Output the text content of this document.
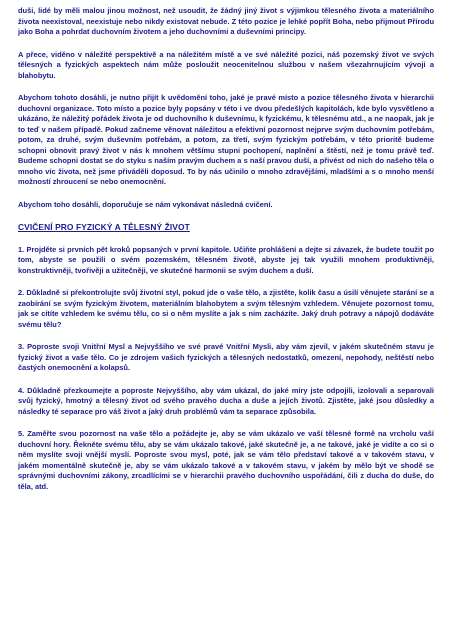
duši, lidé by měli malou jinou možnost, než usoudit, že žádný jiný život s výjimkou tělesného života a materiálního života neexistoval, neexistuje nebo nikdy existovat nebude. Z této pozice je lehké popřít Boha, nebo přijmout Přírodu jako Boha a pohrdat duchovním životem a jeho duchovními a duševními principy.

A přece, viděno v náležité perspektivě a na náležitém místě a ve své náležité pozici, náš pozemský život ve svých tělesných a fyzických aspektech nám může posloužit neocenitelnou službou v našem všezahrnujícím vývoji a blahobytu.

Abychom tohoto dosáhli, je nutno přijít k uvědomění toho, jaké je pravé místo a pozice tělesného života v hierarchii duchovní organizace. Toto místo a pozice byly popsány v této i ve dvou předešlých kapitolách, kde bylo vysvětleno a ukázáno, že náležitý pořádek života je od duchovního k duševnímu, k fyzickému, k tělesnému atd., a ne naopak, jak je to teď v našem případě. Pokud začneme věnovat náležitou a efektivní pozornost nejprve svým duchovním potřebám, potom, za druhé, svým duševním potřebám, a potom, za třetí, svým fyzickým potřebám, v této prioritě budeme schopni obnovit pravý život v nás k mnohem většímu stupni pochopení, naplnění a štěstí, než je tomu právě teď. Budeme schopni dostat se do styku s naším pravým duchem a s naší pravou duší, a přivést od nich do našeho těla o mnoho víc života, než jsme přiváděli doposud. To by nás učinilo o mnoho zdravějšími, mladšími a s o mnoho menší možností zhroucení se nebo onemocnění.

Abychom toho dosáhli, doporučuje se nám vykonávat následná cvičení.

CVIČENÍ PRO FYZICKÝ A TĚLESNÝ ŽIVOT

1. Projděte si prvních pět kroků popsaných v první kapitole. Učiňte prohlášení a dejte si závazek, že budete toužit po tom, abyste se použili o svém pozemském, tělesném životě, abyste jej tak využili mnohem produktivněji, konstruktivněji, tvořivěji a užitečněji, ve skutečné harmonii se svým duchem a duší.

2. Důkladně si překontrolujte svůj životní styl, pokud jde o vaše tělo, a zjistěte, kolik času a úsilí věnujete starání se a zaobírání se svým fyzickým životem, materiálním blahobytem a svým tělesným vzhledem. Věnujete pozornost tomu, jak se cítíte vzhledem ke svému tělu, co si o něm myslíte a jak s ním zacházíte. Jaký druh potravy a nápojů dodáváte svému tělu?

3. Poproste svoji Vnitřní Mysl a Nejvyššího ve své pravé Vnitřní Mysli, aby vám zjevil, v jakém skutečném stavu je fyzický život a vaše tělo. Co je zdrojem vašich fyzických a tělesných nedostatků, omezení, nepohody, neštěstí nebo častých onemocnění a kolapsů.

4. Důkladně přezkoumejte a poproste Nejvyššího, aby vám ukázal, do jaké míry jste odpojili, izolovali a separovali svůj fyzický, hmotný a tělesný život od svého pravého ducha a duše a jejích životů. Zjistěte, jaké jsou důsledky a následky té separace pro váš život a jaký druh problémů vám ta separace způsobila.

5. Zaměřte svou pozornost na vaše tělo a požádejte je, aby se vám ukázalo ve vaší tělesné formě na vrcholu vaší duchovní hory. Řekněte svému tělu, aby se vám ukázalo takové, jaké skutečně je, a ne takové, jaké je vidíte a co si o něm myslíte svoji vnější myslí. Poproste svou mysl, poté, jak se vám tělo představí takové a v takovém stavu, v jakém momentálně skutečně je, aby se vám ukázalo takové a v takovém stavu, v jakém by mělo být ve shodě se správnými duchovními zákony, zrcadlícími se v hierarchii pravého duchovního uspořádání, čili z ducha do duše, do těla, atd.
